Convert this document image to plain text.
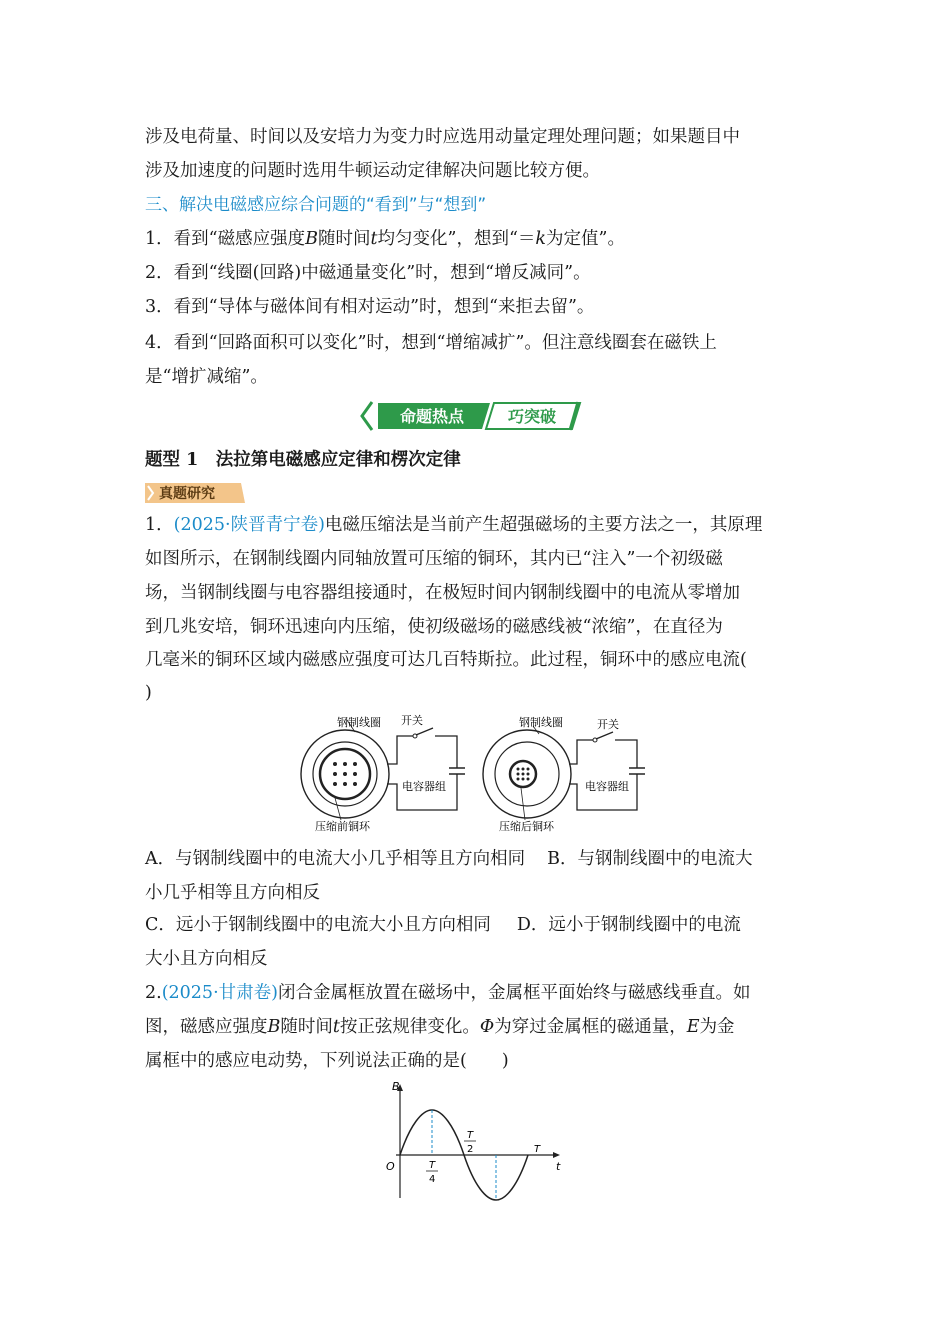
涉及电荷量、时间以及安培力为变力时应选用动量定理处理问题；如果题目中

涉及加速度的问题时选用牛顿运动定律解决问题比较方便。

三、解决电磁感应综合问题的“看到”与“想到”

1．看到“磁感应强度B随时间t均匀变化”，想到“＝k为定值”。

2．看到“线圈(回路)中磁通量变化”时，想到“增反减同”。

3．看到“导体与磁体间有相对运动”时，想到“来拒去留”。

4．看到“回路面积可以变化”时，想到“增缩减扩”。但注意线圈套在磁铁上

是“增扩减缩”。

命题热点	巧突破

题型 1　法拉第电磁感应定律和楞次定律

真题研究

1．(2025·陕晋青宁卷)电磁压缩法是当前产生超强磁场的主要方法之一，其原理

如图所示，在钢制线圈内同轴放置可压缩的铜环，其内已“注入”一个初级磁

场，当钢制线圈与电容器组接通时，在极短时间内钢制线圈中的电流从零增加

到几兆安培，铜环迅速向内压缩，使初级磁场的磁感线被“浓缩”，在直径为

几毫米的铜环区域内磁感应强度可达几百特斯拉。此过程，铜环中的感应电流(

)

钢制线圈 开关
电容器组
压缩前铜环
钢制线圈	开关
电容器组
压缩后铜环

A．与钢制线圈中的电流大小几乎相等且方向相同 B．与钢制线圈中的电流大

小几乎相等且方向相反

C．远小于钢制线圈中的电流大小且方向相同 D．远小于钢制线圈中的电流

大小且方向相反

2.(2025·甘肃卷)闭合金属框放置在磁场中，金属框平面始终与磁感线垂直。如

图，磁感应强度B随时间t按正弦规律变化。Φ为穿过金属框的磁通量，E为金

属框中的感应电动势，下列说法正确的是(　　)

B
t
O	T
4
T
2	T
